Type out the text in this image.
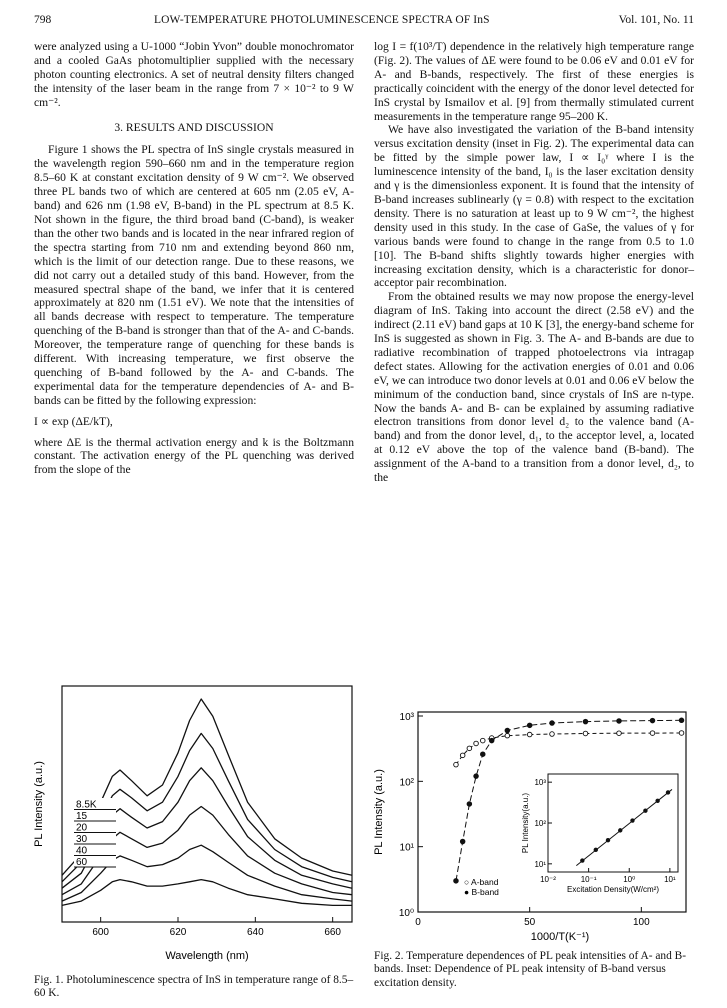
798	LOW-TEMPERATURE PHOTOLUMINESCENCE SPECTRA OF InS	Vol. 101, No. 11

were analyzed using a U-1000 “Jobin Yvon” double monochromator and a cooled GaAs photomultiplier supplied with the necessary photon counting electronics. A set of neutral density filters changed the intensity of the laser beam in the range from 7 × 10⁻² to 9 W cm⁻².

3. RESULTS AND DISCUSSION

Figure 1 shows the PL spectra of InS single crystals measured in the wavelength region 590–660 nm and in the temperature region 8.5–60 K at constant excitation density of 9 W cm⁻². We observed three PL bands two of which are centered at 605 nm (2.05 eV, A-band) and 626 nm (1.98 eV, B-band) in the PL spectrum at 8.5 K. Not shown in the figure, the third broad band (C-band), is weaker than the other two bands and is located in the near infrared region of the spectra starting from 710 nm and extending beyond 860 nm, which is the limit of our detection range. Due to these reasons, we did not carry out a detailed study of this band. However, from the measured spectral shape of the band, we infer that it is centered approximately at 820 nm (1.51 eV). We note that the intensities of all bands decrease with respect to temperature. The temperature quenching of the B-band is stronger than that of the A- and C-bands. Moreover, the temperature range of quenching for these bands is different. With increasing temperature, we first observe the quenching of B-band followed by the A- and C-bands. The experimental data for the temperature dependencies of A- and B-bands can be fitted by the following expression:

I ∝ exp (ΔE/kT),

where ΔE is the thermal activation energy and k is the Boltzmann constant. The activation energy of the PL quenching was derived from the slope of the

log I = f(10³/T) dependence in the relatively high temperature range (Fig. 2). The values of ΔE were found to be 0.06 eV and 0.01 eV for A- and B-bands, respectively. The first of these energies is practically coincident with the energy of the donor level detected for InS crystal by Ismailov et al. [9] from thermally stimulated current measurements in the temperature range 95–200 K.

We have also investigated the variation of the B-band intensity versus excitation density (inset in Fig. 2). The experimental data can be fitted by the simple power law, I ∝ I₀ᵞ where I is the luminescence intensity of the band, I₀ is the laser excitation density and γ is the dimensionless exponent. It is found that the intensity of B-band increases sublinearly (γ = 0.8) with respect to the excitation density. There is no saturation at least up to 9 W cm⁻², the highest density used in this study. In the case of GaSe, the values of γ for various bands were found to change in the range from 0.5 to 1.0 [10]. The B-band shifts slightly towards higher energies with increasing excitation density, which is a characteristic for donor–acceptor pair recombination.

From the obtained results we may now propose the energy-level diagram of InS. Taking into account the direct (2.58 eV) and the indirect (2.11 eV) band gaps at 10 K [3], the energy-band scheme for InS is suggested as shown in Fig. 3. The A- and B-bands are due to radiative recombination of trapped photoelectrons via intragap defect states. Allowing for the activation energies of 0.01 and 0.06 eV, we can introduce two donor levels at 0.01 and 0.06 eV below the minimum of the conduction band, since crystals of InS are n-type. Now the bands A- and B- can be explained by assuming radiative electron transitions from donor level d₂ to the valence band (A-band) and from the donor level, d₁, to the acceptor level, a, located at 0.12 eV above the top of the valence band (B-band). The assignment of the A-band to a transition from a donor level, d₂, to the

600	620	640	660
8.5K
15
20
30
40
60
PL Intensity (a.u.)
Wavelength (nm)
Fig. 1. Photoluminescence spectra of InS in temperature range of 8.5–60 K.
10³
10²
10¹
10⁰
0	50	100
10³
10²
10¹
10⁻²	10⁻¹	10⁰	10¹
PL Intensity(a.u.)
Excitation Density(W/cm²)
PL Intensity (a.u.)
1000/T(K⁻¹)
○ A-band
● B-band
Fig. 2. Temperature dependences of PL peak intensities of A- and B-bands. Inset: Dependence of PL peak intensity of B-band versus excitation density.
